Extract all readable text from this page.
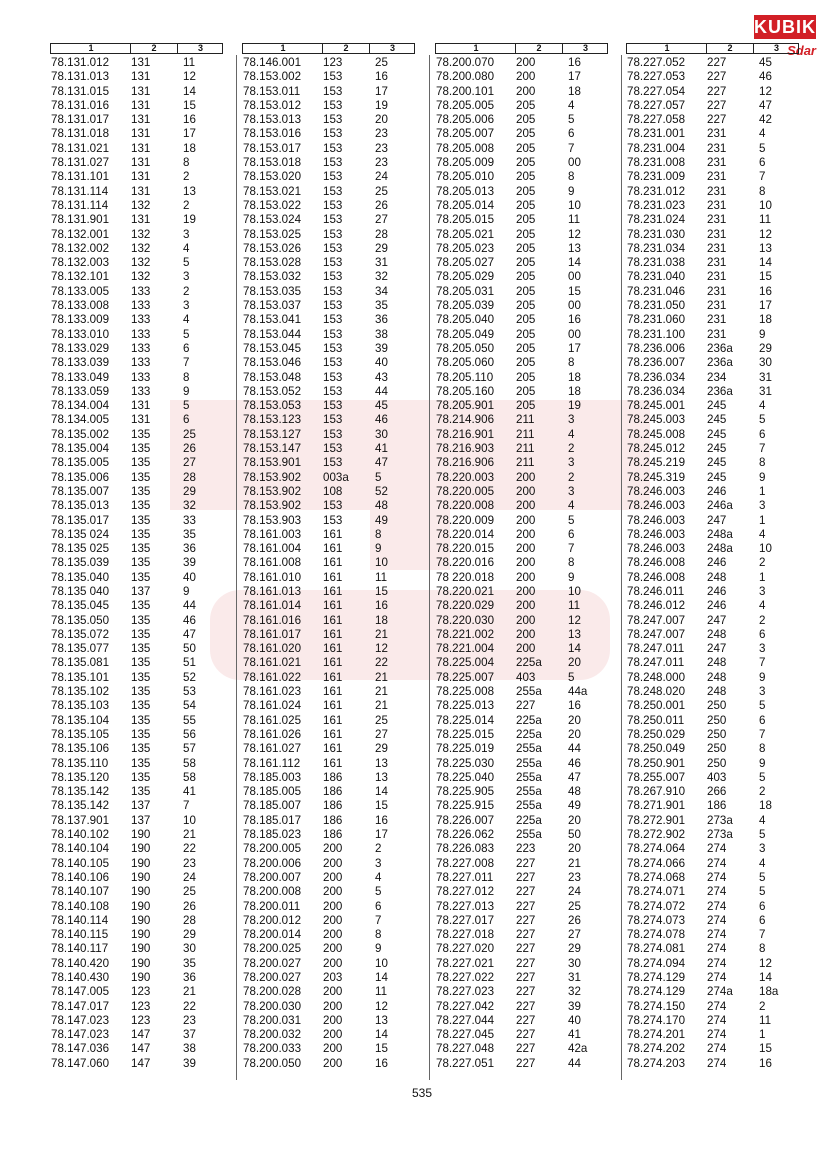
KUBIK
Sdar
1	2	3
78.131.012	131	11
78.131.013	131	12
78.131.015	131	14
78.131.016	131	15
78.131.017	131	16
78.131.018	131	17
78.131.021	131	18
78.131.027	131	8
78.131.101	131	2
78.131.114	131	13
78.131.114	132	2
78.131.901	131	19
78.132.001	132	3
78.132.002	132	4
78.132.003	132	5
78.132.101	132	3
78.133.005	133	2
78.133.008	133	3
78.133.009	133	4
78.133.010	133	5
78.133.029	133	6
78.133.039	133	7
78.133.049	133	8
78.133.059	133	9
78.134.004	131	5
78.134.005	131	6
78.135.002	135	25
78.135.004	135	26
78.135.005	135	27
78.135.006	135	28
78.135.007	135	29
78.135.013	135	32
78.135.017	135	33
78.135 024	135	35
78.135 025	135	36
78.135.039	135	39
78.135.040	135	40
78.135 040	137	9
78.135.045	135	44
78.135.050	135	46
78.135.072	135	47
78.135.077	135	50
78.135.081	135	51
78.135.101	135	52
78.135.102	135	53
78.135.103	135	54
78.135.104	135	55
78.135.105	135	56
78.135.106	135	57
78.135.110	135	58
78.135.120	135	58
78.135.142	135	41
78.135.142	137	7
78.137.901	137	10
78.140.102	190	21
78.140.104	190	22
78.140.105	190	23
78.140.106	190	24
78.140.107	190	25
78.140.108	190	26
78.140.114	190	28
78.140.115	190	29
78.140.117	190	30
78.140.420	190	35
78.140.430	190	36
78.147.005	123	21
78.147.017	123	22
78.147.023	123	23
78.147.023	147	37
78.147.036	147	38
78.147.060	147	39
1	2	3
78.146.001	123	25
78.153.002	153	16
78.153.011	153	17
78.153.012	153	19
78.153.013	153	20
78.153.016	153	23
78.153.017	153	23
78.153.018	153	23
78.153.020	153	24
78.153.021	153	25
78.153.022	153	26
78.153.024	153	27
78.153.025	153	28
78.153.026	153	29
78.153.028	153	31
78.153.032	153	32
78.153.035	153	34
78.153.037	153	35
78.153.041	153	36
78.153.044	153	38
78.153.045	153	39
78.153.046	153	40
78.153.048	153	43
78.153.052	153	44
78.153.053	153	45
78.153.123	153	46
78.153.127	153	30
78.153.147	153	41
78.153.901	153	47
78.153.902	003a	5
78.153.902	108	52
78.153.902	153	48
78.153.903	153	49
78.161.003	161	8
78.161.004	161	9
78.161.008	161	10
78.161.010	161	11
78.161.013	161	15
78.161.014	161	16
78.161.016	161	18
78.161.017	161	21
78.161.020	161	12
78.161.021	161	22
78.161.022	161	21
78.161.023	161	21
78.161.024	161	21
78.161.025	161	25
78.161.026	161	27
78.161.027	161	29
78.161.112	161	13
78.185.003	186	13
78.185.005	186	14
78.185.007	186	15
78.185.017	186	16
78.185.023	186	17
78.200.005	200	2
78.200.006	200	3
78.200.007	200	4
78.200.008	200	5
78.200.011	200	6
78.200.012	200	7
78.200.014	200	8
78.200.025	200	9
78.200.027	200	10
78.200.027	203	14
78.200.028	200	11
78.200.030	200	12
78.200.031	200	13
78.200.032	200	14
78.200.033	200	15
78.200.050	200	16
1	2	3
78.200.070	200	16
78.200.080	200	17
78.200.101	200	18
78.205.005	205	4
78.205.006	205	5
78.205.007	205	6
78.205.008	205	7
78.205.009	205	00
78.205.010	205	8
78.205.013	205	9
78.205.014	205	10
78.205.015	205	11
78.205.021	205	12
78.205.023	205	13
78.205.027	205	14
78.205.029	205	00
78.205.031	205	15
78.205.039	205	00
78.205.040	205	16
78.205.049	205	00
78.205.050	205	17
78.205.060	205	8
78.205.110	205	18
78.205.160	205	18
78.205.901	205	19
78.214.906	211	3
78.216.901	211	4
78.216.903	211	2
78.216.906	211	3
78.220.003	200	2
78.220.005	200	3
78.220.008	200	4
78.220.009	200	5
78.220.014	200	6
78.220.015	200	7
78.220.016	200	8
78 220.018	200	9
78.220.021	200	10
78.220.029	200	11
78.220.030	200	12
78.221.002	200	13
78.221.004	200	14
78.225.004	225a	20
78.225.007	403	5
78.225.008	255a	44a
78.225.013	227	16
78.225.014	225a	20
78.225.015	225a	20
78.225.019	255a	44
78.225.030	255a	46
78.225.040	255a	47
78.225.905	255a	48
78.225.915	255a	49
78.226.007	225a	20
78.226.062	255a	50
78.226.083	223	20
78.227.008	227	21
78.227.011	227	23
78.227.012	227	24
78.227.013	227	25
78.227.017	227	26
78.227.018	227	27
78.227.020	227	29
78.227.021	227	30
78.227.022	227	31
78.227.023	227	32
78.227.042	227	39
78.227.044	227	40
78.227.045	227	41
78.227.048	227	42a
78.227.051	227	44
1	2	3
78.227.052	227	45
78.227.053	227	46
78.227.054	227	12
78.227.057	227	47
78.227.058	227	42
78.231.001	231	4
78.231.004	231	5
78.231.008	231	6
78.231.009	231	7
78.231.012	231	8
78.231.023	231	10
78.231.024	231	11
78.231.030	231	12
78.231.034	231	13
78.231.038	231	14
78.231.040	231	15
78.231.046	231	16
78.231.050	231	17
78.231.060	231	18
78.231.100	231	9
78.236.006	236a	29
78.236.007	236a	30
78.236.034	234	31
78.236.034	236a	31
78.245.001	245	4
78.245.003	245	5
78.245.008	245	6
78.245.012	245	7
78.245.219	245	8
78.245.319	245	9
78.246.003	246	1
78.246.003	246a	3
78.246.003	247	1
78.246.003	248a	4
78.246.003	248a	10
78.246.008	246	2
78.246.008	248	1
78.246.011	246	3
78.246.012	246	4
78.247.007	247	2
78.247.007	248	6
78.247.011	247	3
78.247.011	248	7
78.248.000	248	9
78.248.020	248	3
78.250.001	250	5
78.250.011	250	6
78.250.029	250	7
78.250.049	250	8
78.250.901	250	9
78.255.007	403	5
78.267.910	266	2
78.271.901	186	18
78.272.901	273a	4
78.272.902	273a	5
78.274.064	274	3
78.274.066	274	4
78.274.068	274	5
78.274.071	274	5
78.274.072	274	6
78.274.073	274	6
78.274.078	274	7
78.274.081	274	8
78.274.094	274	12
78.274.129	274	14
78.274.129	274a	18a
78.274.150	274	2
78.274.170	274	11
78.274.201	274	1
78.274.202	274	15
78.274.203	274	16
535
